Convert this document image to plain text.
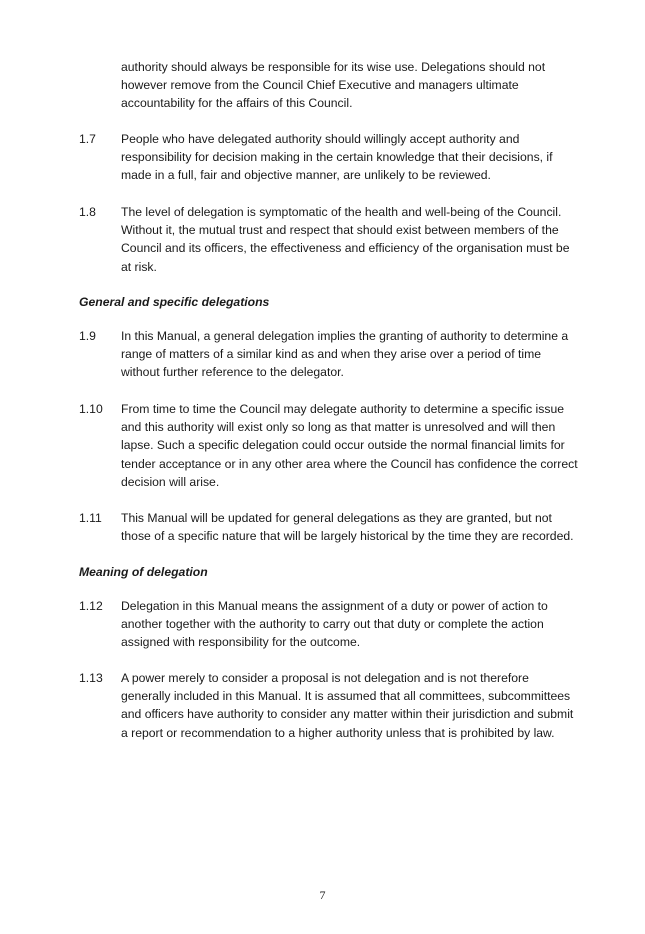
authority should always be responsible for its wise use. Delegations should not however remove from the Council Chief Executive and managers ultimate accountability for the affairs of this Council.

1.7 People who have delegated authority should willingly accept authority and responsibility for decision making in the certain knowledge that their decisions, if made in a full, fair and objective manner, are unlikely to be reviewed.
1.8 The level of delegation is symptomatic of the health and well-being of the Council. Without it, the mutual trust and respect that should exist between members of the Council and its officers, the effectiveness and efficiency of the organisation must be at risk.
General and specific delegations
1.9 In this Manual, a general delegation implies the granting of authority to determine a range of matters of a similar kind as and when they arise over a period of time without further reference to the delegator.
1.10 From time to time the Council may delegate authority to determine a specific issue and this authority will exist only so long as that matter is unresolved and will then lapse. Such a specific delegation could occur outside the normal financial limits for tender acceptance or in any other area where the Council has confidence the correct decision will arise.
1.11 This Manual will be updated for general delegations as they are granted, but not those of a specific nature that will be largely historical by the time they are recorded.
Meaning of delegation
1.12 Delegation in this Manual means the assignment of a duty or power of action to another together with the authority to carry out that duty or complete the action assigned with responsibility for the outcome.
1.13 A power merely to consider a proposal is not delegation and is not therefore generally included in this Manual. It is assumed that all committees, subcommittees and officers have authority to consider any matter within their jurisdiction and submit a report or recommendation to a higher authority unless that is prohibited by law.
7
